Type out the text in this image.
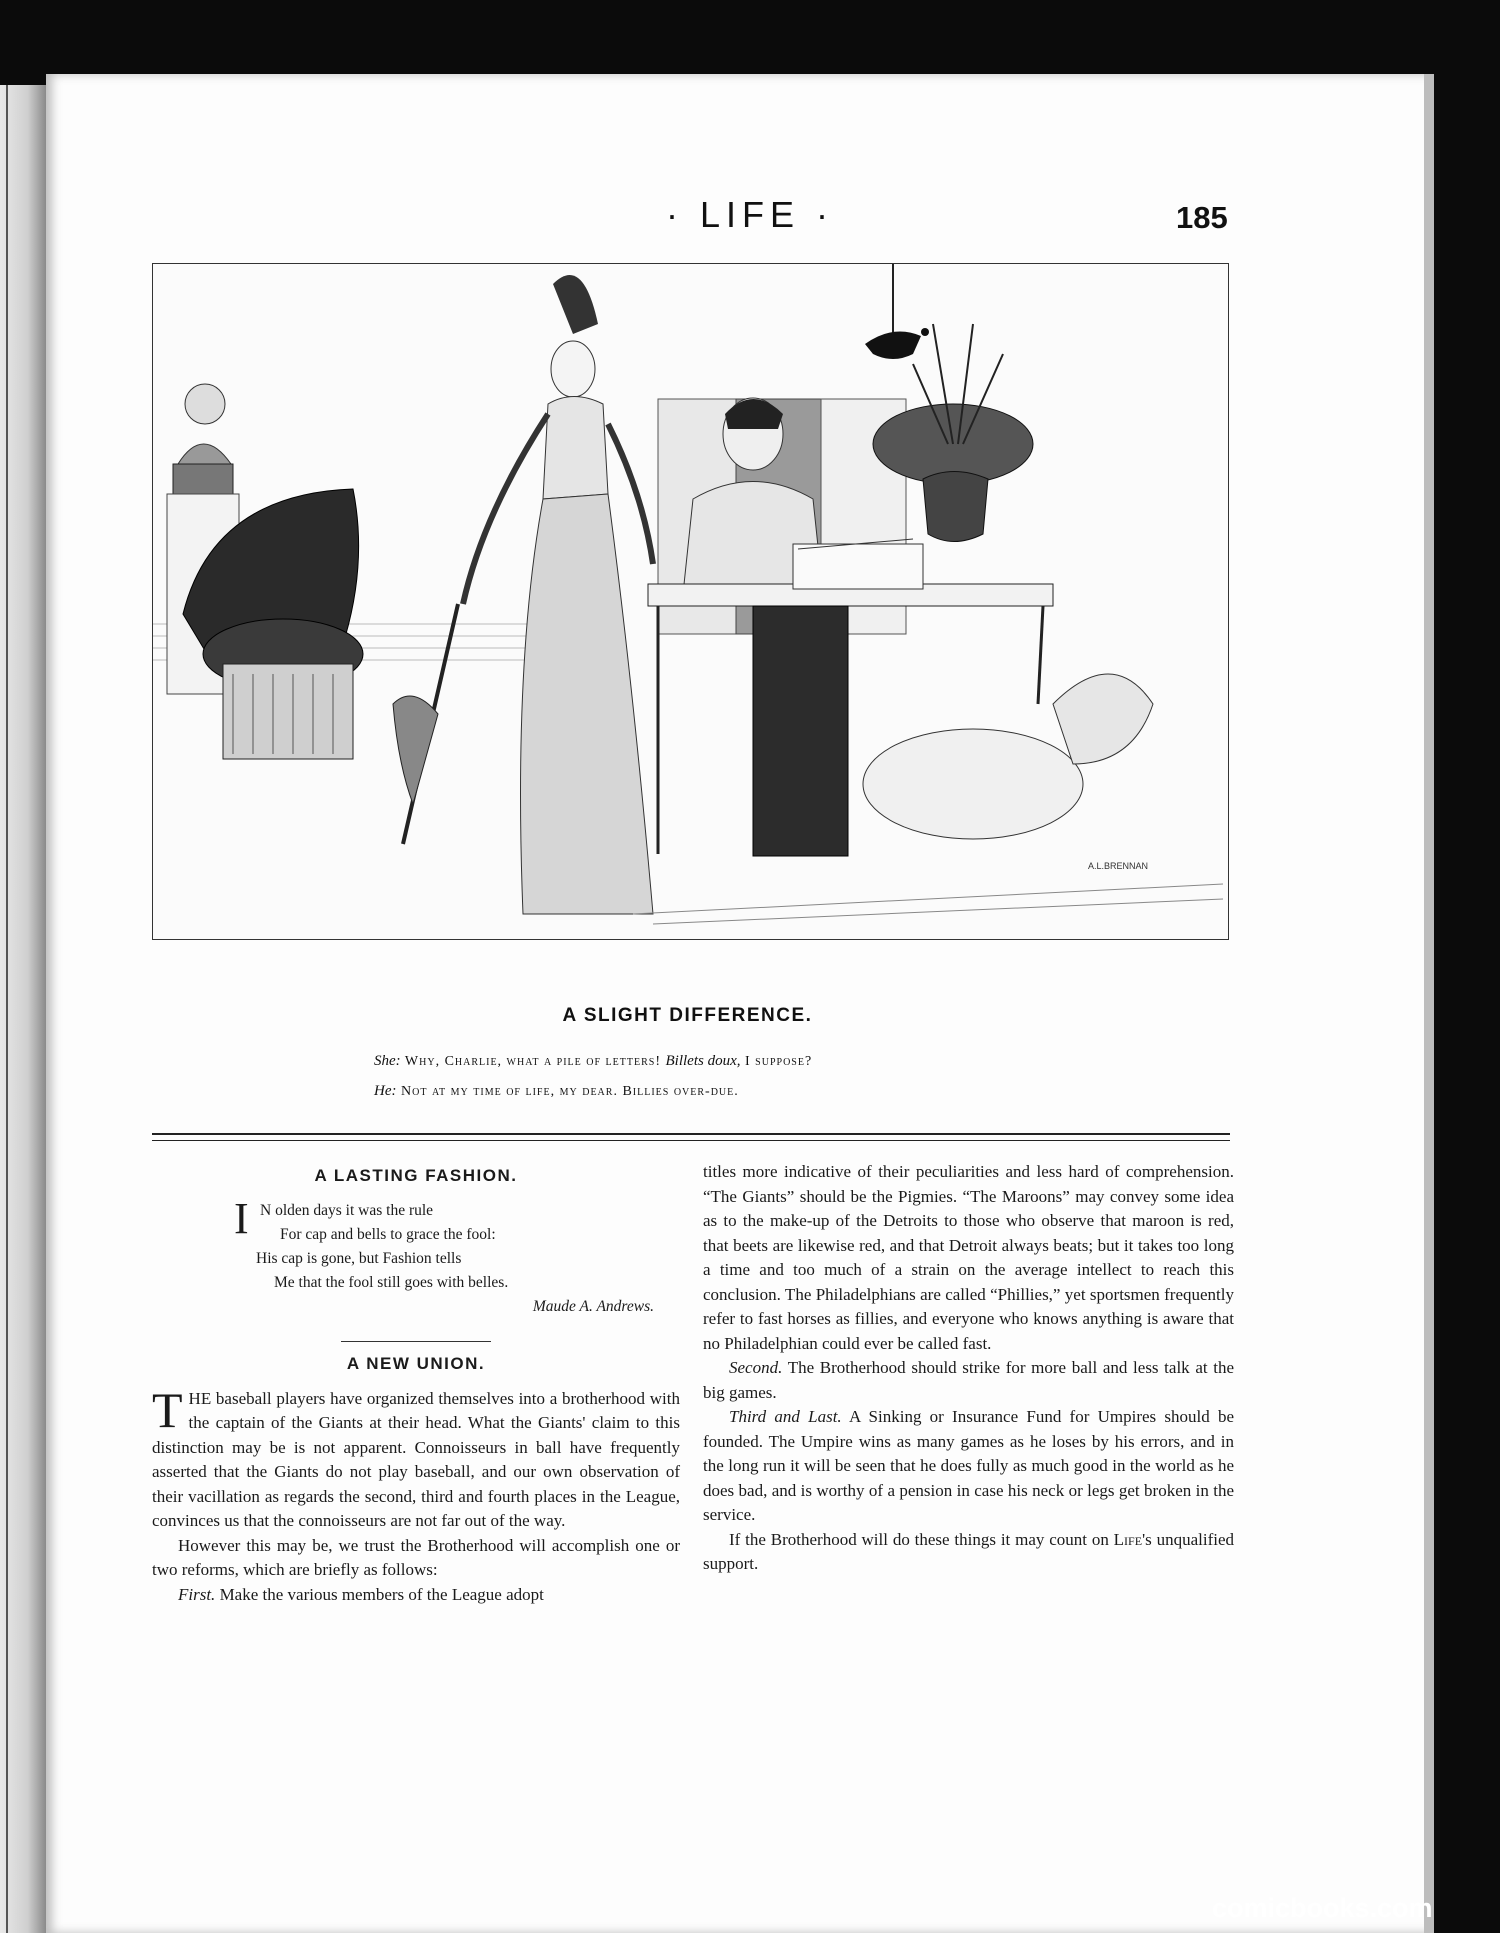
· LIFE ·	185
A.L.BRENNAN
A SLIGHT DIFFERENCE.
She: Why, Charlie, what a pile of letters! Billets doux, I suppose?
He: Not at my time of life, my dear. Billies over-due.
A LASTING FASHION.
I N olden days it was the rule
For cap and bells to grace the fool:
His cap is gone, but Fashion tells
Me that the fool still goes with belles.
Maude A. Andrews.
A NEW UNION.

THE baseball players have organized themselves into a brotherhood with the captain of the Giants at their head. What the Giants' claim to this distinction may be is not apparent. Connoisseurs in ball have frequently asserted that the Giants do not play baseball, and our own observation of their vacillation as regards the second, third and fourth places in the League, convinces us that the connoisseurs are not far out of the way.

However this may be, we trust the Brotherhood will accomplish one or two reforms, which are briefly as follows:

First. Make the various members of the League adopt

titles more indicative of their peculiarities and less hard of comprehension. “The Giants” should be the Pigmies. “The Maroons” may convey some idea as to the make-up of the Detroits to those who observe that maroon is red, that beets are likewise red, and that Detroit always beats; but it takes too long a time and too much of a strain on the average intellect to reach this conclusion. The Philadelphians are called “Phillies,” yet sportsmen frequently refer to fast horses as fillies, and everyone who knows anything is aware that no Philadelphian could ever be called fast.

Second. The Brotherhood should strike for more ball and less talk at the big games.

Third and Last. A Sinking or Insurance Fund for Umpires should be founded. The Umpire wins as many games as he loses by his errors, and in the long run it will be seen that he does fully as much good in the world as he does bad, and is worthy of a pension in case his neck or legs get broken in the service.

If the Brotherhood will do these things it may count on Life's unqualified support.

comicbooks.com
